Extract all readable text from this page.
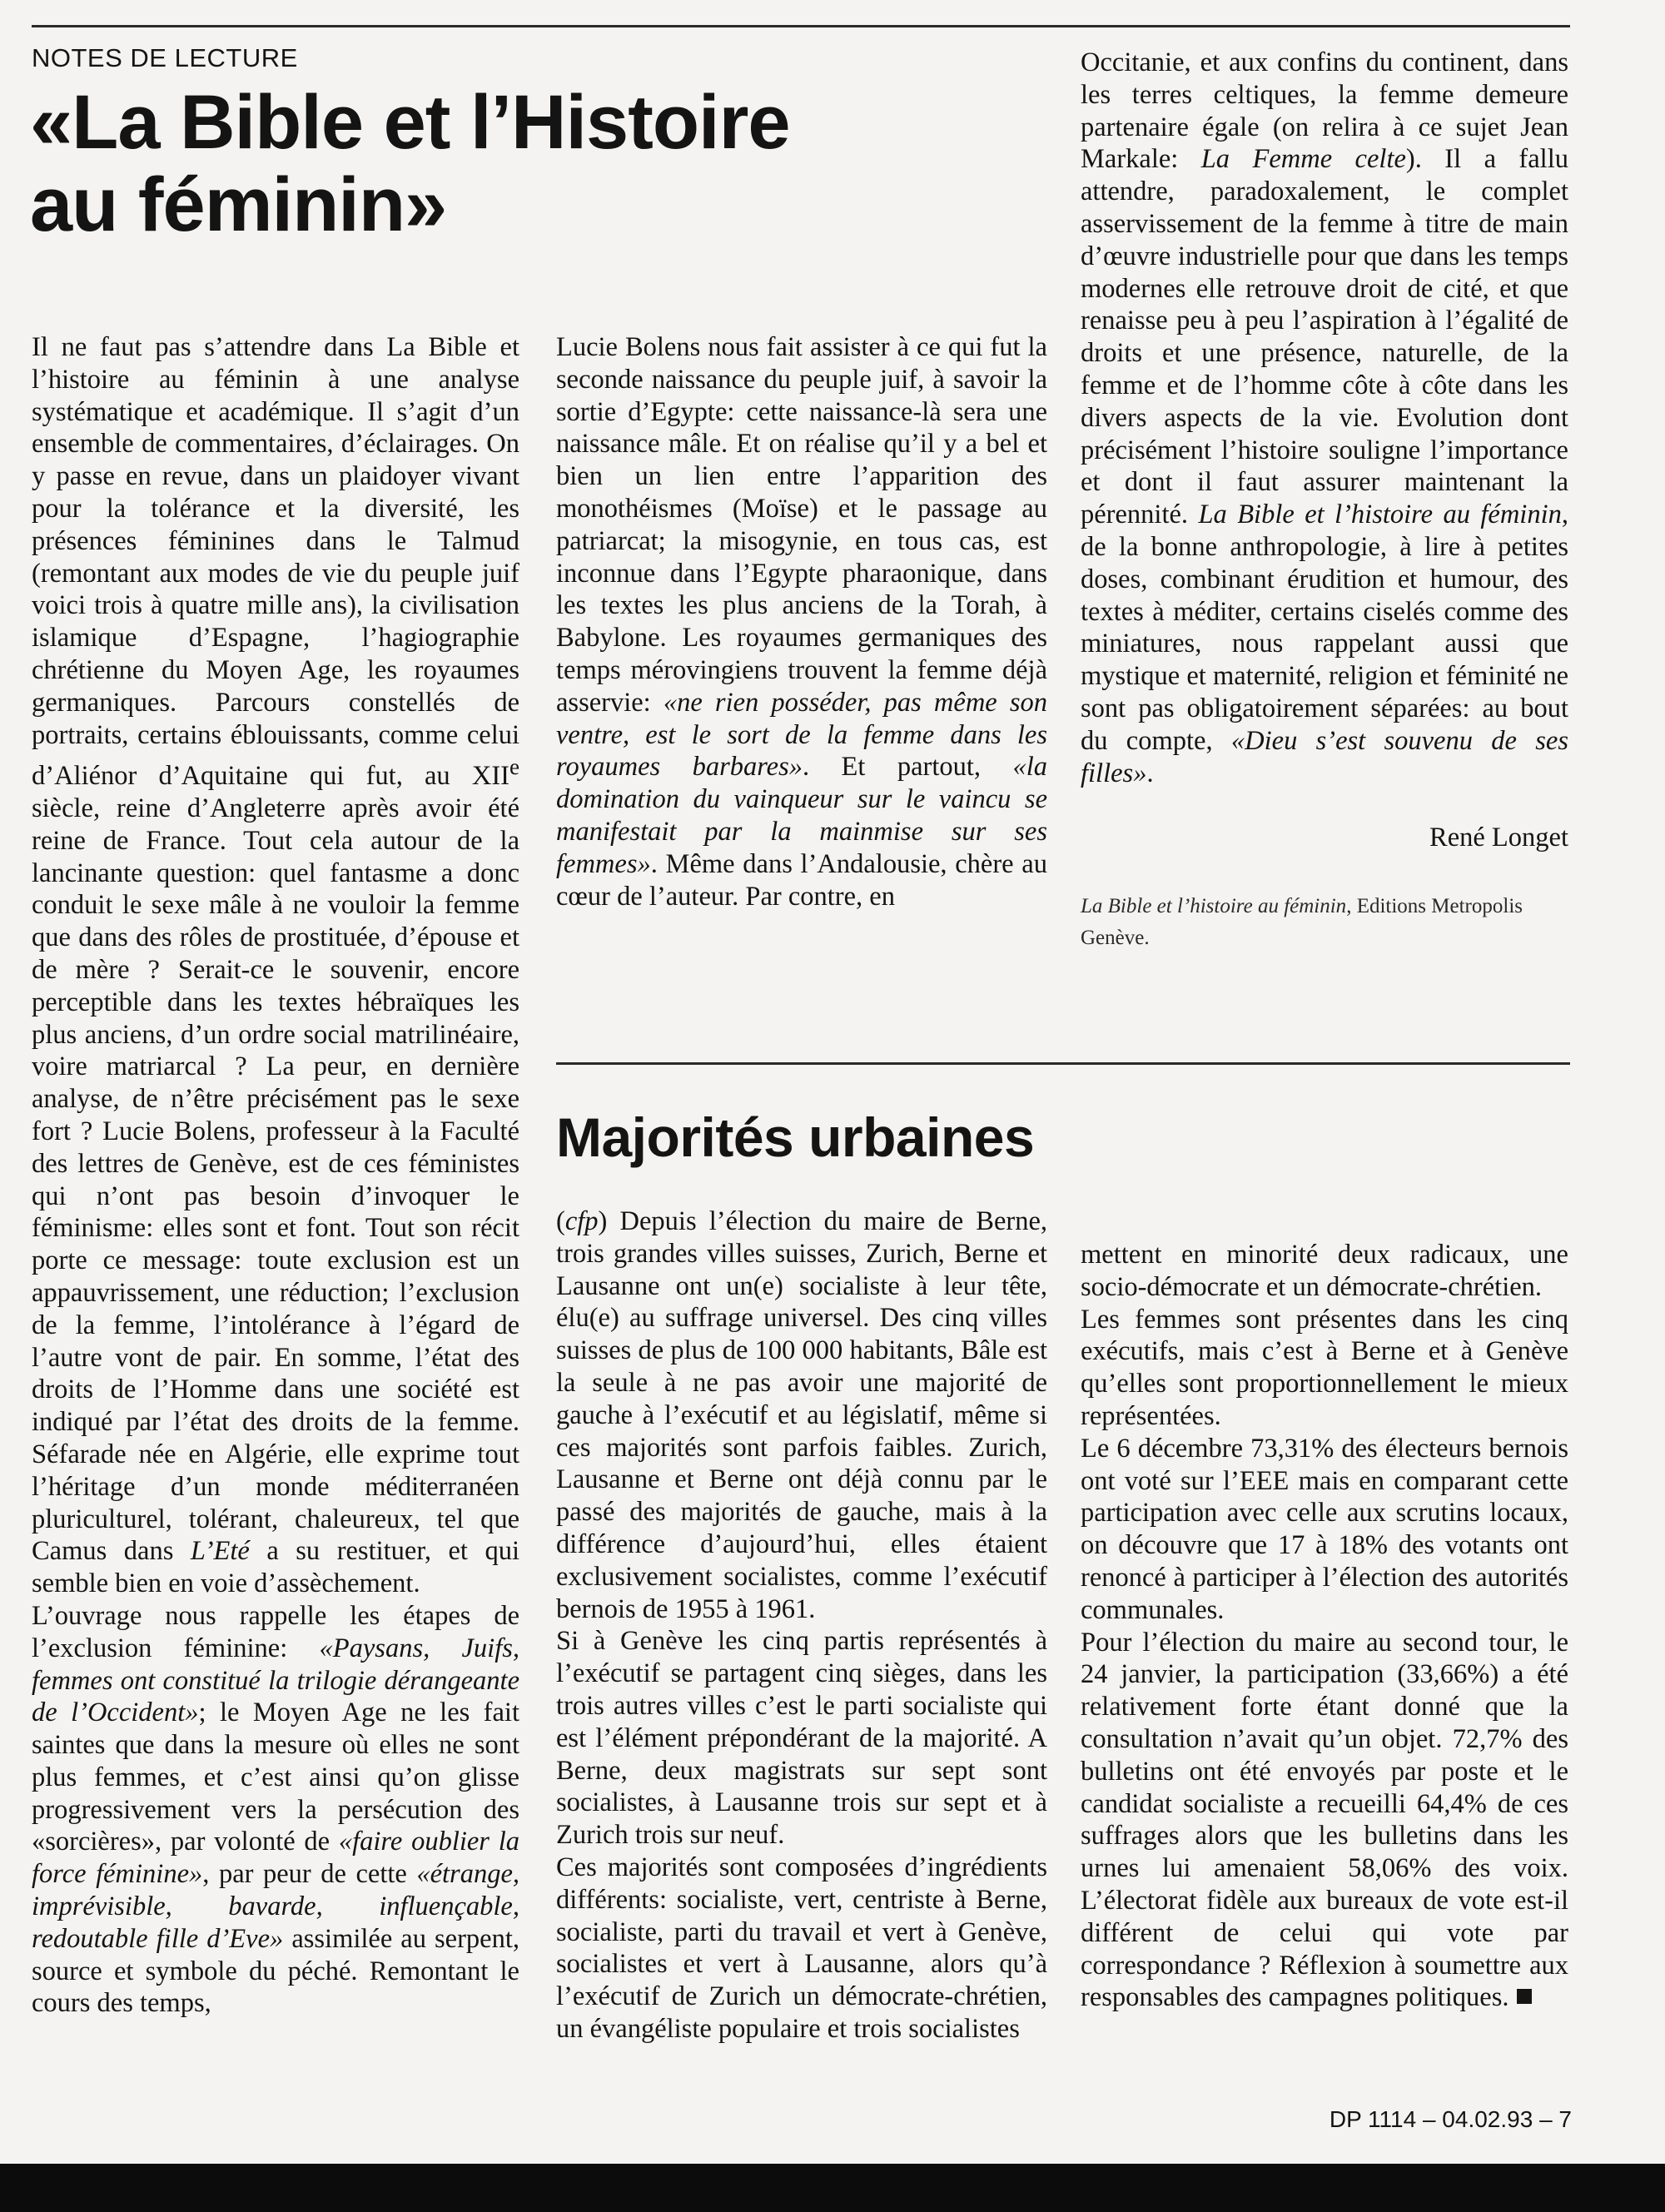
NOTES DE LECTURE
«La Bible et l’Histoire
au féminin»

Il ne faut pas s’attendre dans La Bible et l’histoire au féminin à une analyse systématique et académique. Il s’agit d’un ensemble de commentaires, d’éclairages. On y passe en revue, dans un plaidoyer vivant pour la tolérance et la diversité, les présences féminines dans le Talmud (remontant aux modes de vie du peuple juif voici trois à quatre mille ans), la civilisation islamique d’Espagne, l’hagiographie chrétienne du Moyen Age, les royaumes germaniques. Parcours constellés de portraits, certains éblouissants, comme celui d’Aliénor d’Aquitaine qui fut, au XIIe siècle, reine d’Angleterre après avoir été reine de France. Tout cela autour de la lancinante question: quel fantasme a donc conduit le sexe mâle à ne vouloir la femme que dans des rôles de prostituée, d’épouse et de mère ? Serait-ce le souvenir, encore perceptible dans les textes hébraïques les plus anciens, d’un ordre social matrilinéaire, voire matriarcal ? La peur, en dernière analyse, de n’être précisément pas le sexe fort ? Lucie Bolens, professeur à la Faculté des lettres de Genève, est de ces féministes qui n’ont pas besoin d’invoquer le féminisme: elles sont et font. Tout son récit porte ce message: toute exclusion est un appauvrissement, une réduction; l’exclusion de la femme, l’intolérance à l’égard de l’autre vont de pair. En somme, l’état des droits de l’Homme dans une société est indiqué par l’état des droits de la femme. Séfarade née en Algérie, elle exprime tout l’héritage d’un monde méditerranéen pluriculturel, tolérant, chaleureux, tel que Camus dans L’Eté a su restituer, et qui semble bien en voie d’assèchement.

L’ouvrage nous rappelle les étapes de l’exclusion féminine: «Paysans, Juifs, femmes ont constitué la trilogie dérangeante de l’Occident»; le Moyen Age ne les fait saintes que dans la mesure où elles ne sont plus femmes, et c’est ainsi qu’on glisse progressivement vers la persécution des «sorcières», par volonté de «faire oublier la force féminine», par peur de cette «étrange, imprévisible, bavarde, influençable, redoutable fille d’Eve» assimilée au serpent, source et symbole du péché. Remontant le cours des temps,

Lucie Bolens nous fait assister à ce qui fut la seconde naissance du peuple juif, à savoir la sortie d’Egypte: cette naissance-là sera une naissance mâle. Et on réalise qu’il y a bel et bien un lien entre l’apparition des monothéismes (Moïse) et le passage au patriarcat; la misogynie, en tous cas, est inconnue dans l’Egypte pharaonique, dans les textes les plus anciens de la Torah, à Babylone. Les royaumes germaniques des temps mérovingiens trouvent la femme déjà asservie: «ne rien posséder, pas même son ventre, est le sort de la femme dans les royaumes barbares». Et partout, «la domination du vainqueur sur le vaincu se manifestait par la mainmise sur ses femmes». Même dans l’Andalousie, chère au cœur de l’auteur. Par contre, en

Occitanie, et aux confins du continent, dans les terres celtiques, la femme demeure partenaire égale (on relira à ce sujet Jean Markale: La Femme celte). Il a fallu attendre, paradoxalement, le complet asservissement de la femme à titre de main d’œuvre industrielle pour que dans les temps modernes elle retrouve droit de cité, et que renaisse peu à peu l’aspiration à l’égalité de droits et une présence, naturelle, de la femme et de l’homme côte à côte dans les divers aspects de la vie. Evolution dont précisément l’histoire souligne l’importance et dont il faut assurer maintenant la pérennité. La Bible et l’histoire au féminin, de la bonne anthropologie, à lire à petites doses, combinant érudition et humour, des textes à méditer, certains ciselés comme des miniatures, nous rappelant aussi que mystique et maternité, religion et féminité ne sont pas obligatoirement séparées: au bout du compte, «Dieu s’est souvenu de ses filles».

René Longet
La Bible et l’histoire au féminin, Editions Metropolis Genève.
Majorités urbaines

(cfp) Depuis l’élection du maire de Berne, trois grandes villes suisses, Zurich, Berne et Lausanne ont un(e) socialiste à leur tête, élu(e) au suffrage universel. Des cinq villes suisses de plus de 100 000 habitants, Bâle est la seule à ne pas avoir une majorité de gauche à l’exécutif et au législatif, même si ces majorités sont parfois faibles. Zurich, Lausanne et Berne ont déjà connu par le passé des majorités de gauche, mais à la différence d’aujourd’hui, elles étaient exclusivement socialistes, comme l’exécutif bernois de 1955 à 1961.

Si à Genève les cinq partis représentés à l’exécutif se partagent cinq sièges, dans les trois autres villes c’est le parti socialiste qui est l’élément prépondérant de la majorité. A Berne, deux magistrats sur sept sont socialistes, à Lausanne trois sur sept et à Zurich trois sur neuf.

Ces majorités sont composées d’ingrédients différents: socialiste, vert, centriste à Berne, socialiste, parti du travail et vert à Genève, socialistes et vert à Lausanne, alors qu’à l’exécutif de Zurich un démocrate-chrétien, un évangéliste populaire et trois socialistes

mettent en minorité deux radicaux, une socio-démocrate et un démocrate-chrétien.

Les femmes sont présentes dans les cinq exécutifs, mais c’est à Berne et à Genève qu’elles sont proportionnellement le mieux représentées.

Le 6 décembre 73,31% des électeurs bernois ont voté sur l’EEE mais en comparant cette participation avec celle aux scrutins locaux, on découvre que 17 à 18% des votants ont renoncé à participer à l’élection des autorités communales.

Pour l’élection du maire au second tour, le 24 janvier, la participation (33,66%) a été relativement forte étant donné que la consultation n’avait qu’un objet. 72,7% des bulletins ont été envoyés par poste et le candidat socialiste a recueilli 64,4% de ces suffrages alors que les bulletins dans les urnes lui amenaient 58,06% des voix. L’électorat fidèle aux bureaux de vote est-il différent de celui qui vote par correspondance ? Réflexion à soumettre aux responsables des campagnes politiques.

DP 1114 – 04.02.93 – 7
